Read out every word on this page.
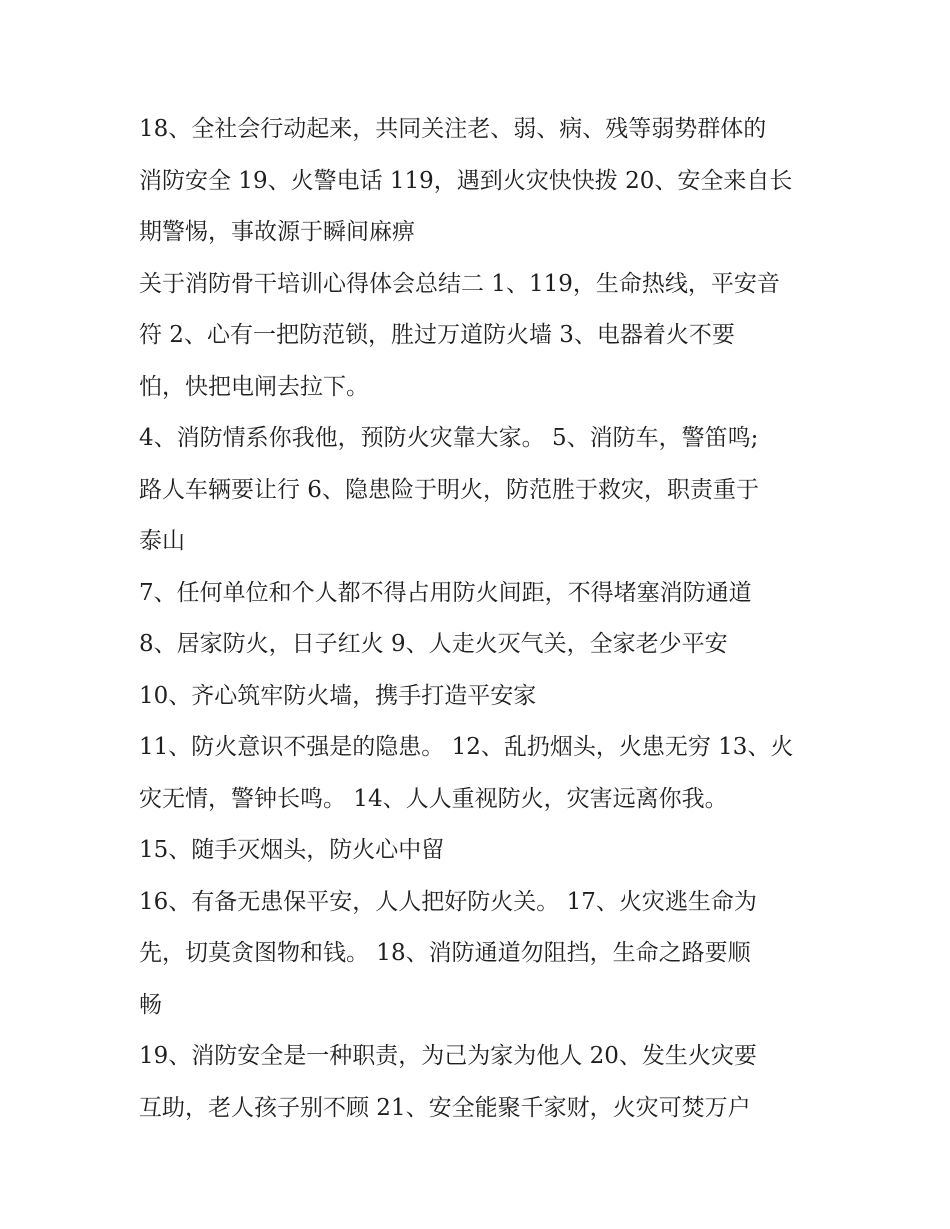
18、全社会行动起来，共同关注老、弱、病、残等弱势群体的
消防安全 19、火警电话 119，遇到火灾快快拨 20、安全来自长
期警惕，事故源于瞬间麻痹

关于消防骨干培训心得体会总结二 1、119，生命热线，平安音
符 2、心有一把防范锁，胜过万道防火墙 3、电器着火不要
怕，快把电闸去拉下。

4、消防情系你我他，预防火灾靠大家。 5、消防车，警笛鸣;
路人车辆要让行 6、隐患险于明火，防范胜于救灾，职责重于
泰山

7、任何单位和个人都不得占用防火间距，不得堵塞消防通道

8、居家防火，日子红火 9、人走火灭气关，全家老少平安

10、齐心筑牢防火墙，携手打造平安家

11、防火意识不强是的隐患。 12、乱扔烟头，火患无穷 13、火
灾无情，警钟长鸣。 14、人人重视防火，灾害远离你我。

15、随手灭烟头，防火心中留

16、有备无患保平安，人人把好防火关。 17、火灾逃生命为
先，切莫贪图物和钱。 18、消防通道勿阻挡，生命之路要顺
畅

19、消防安全是一种职责，为己为家为他人 20、发生火灾要
互助，老人孩子别不顾 21、安全能聚千家财，火灾可焚万户
